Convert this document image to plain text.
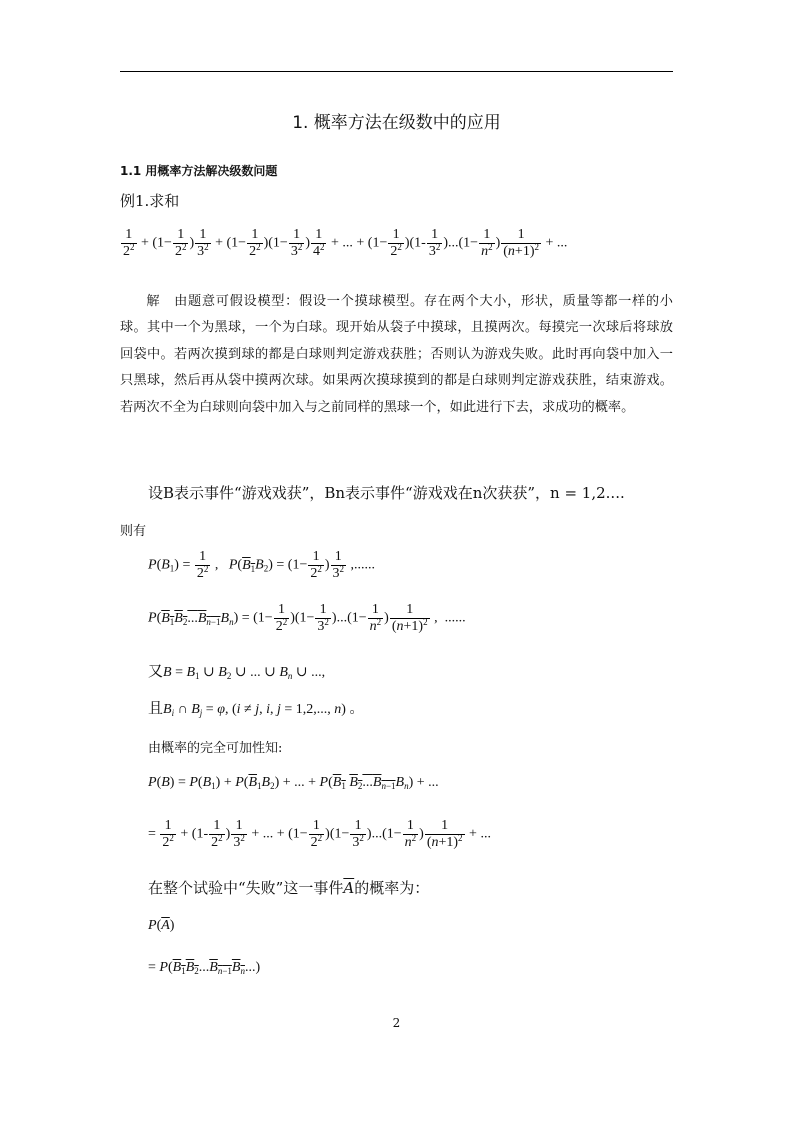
1. 概率方法在级数中的应用
1.1 用概率方法解决级数问题
例1.求和
$\frac{1}{2^2} + (1- \frac{1}{2^2}$ ) $\frac{1}{3^2} + (1- \frac{1}{2^2} )(1- \frac{1}{3^2}$ ) $\frac{1}{4^2}$ + ... + $(1- \frac{1}{2^2} )(1- \frac{1}{3^2} )...(1- \frac{1}{n^2}$ ) $\frac{1}{(n+1)^2}$ + ...

解　由题意可假设模型：假设一个摸球模型。存在两个大小，形状，质量等都一样的小球。其中一个为黑球，一个为白球。现开始从袋子中摸球，且摸两次。每摸完一次球后将球放回袋中。若两次摸到球的都是白球则判定游戏获胜；否则认为游戏失败。此时再向袋中加入一只黑球，然后再从袋中摸两次球。如果两次摸球摸到的都是白球则判定游戏获胜，结束游戏。若两次不全为白球则向袋中加入与之前同样的黑球一个，如此进行下去，求成功的概率。

设B表示事件“游戏戏获”，Bn表示事件“游戏戏在n次获获”，n = 1,2....
则有
$P(B_1) = \frac{1}{2^2}$ ,   $P(B_1B_2) = (1- \frac{1}{2^2}$ ) $\frac{1}{3^2}$ ,......
$P(B_1B_2...B_{n-1}B_n) = (1- \frac{1}{2^2} )(1- \frac{1}{3^2} )...(1- \frac{1}{n^2}$ ) $\frac{1}{(n+1)^2}$ ,  ......
又$B = B_1$ ∪ $B_2$ ∪ ... ∪ $B_n$ ∪ ...,
且$B_i$ ∩ $B_j = \varphi$, (i ≠ j, i, j = 1,2,..., n) 。
由概率的完全可加性知:
$P(B) = P(B_1) + P(\overline{B}_1B_2)$ + ... + $P(B_1$ $B_2...B_{n-1}B_n$) + ...
= $\frac{1}{2^2} + (1- \frac{1}{2^2}$ ) $\frac{1}{3^2}$ + ... + $(1- \frac{1}{2^2} )(1- \frac{1}{3^2} )...(1- \frac{1}{n^2}$ ) $\frac{1}{(n+1)^2}$ + ...
在整个试验中“失败”这一事件$\overline{A}$的概率为：
$P(\overline{A})$
= $P(B_1B_2...B_{n-1}B_n...)$
2
